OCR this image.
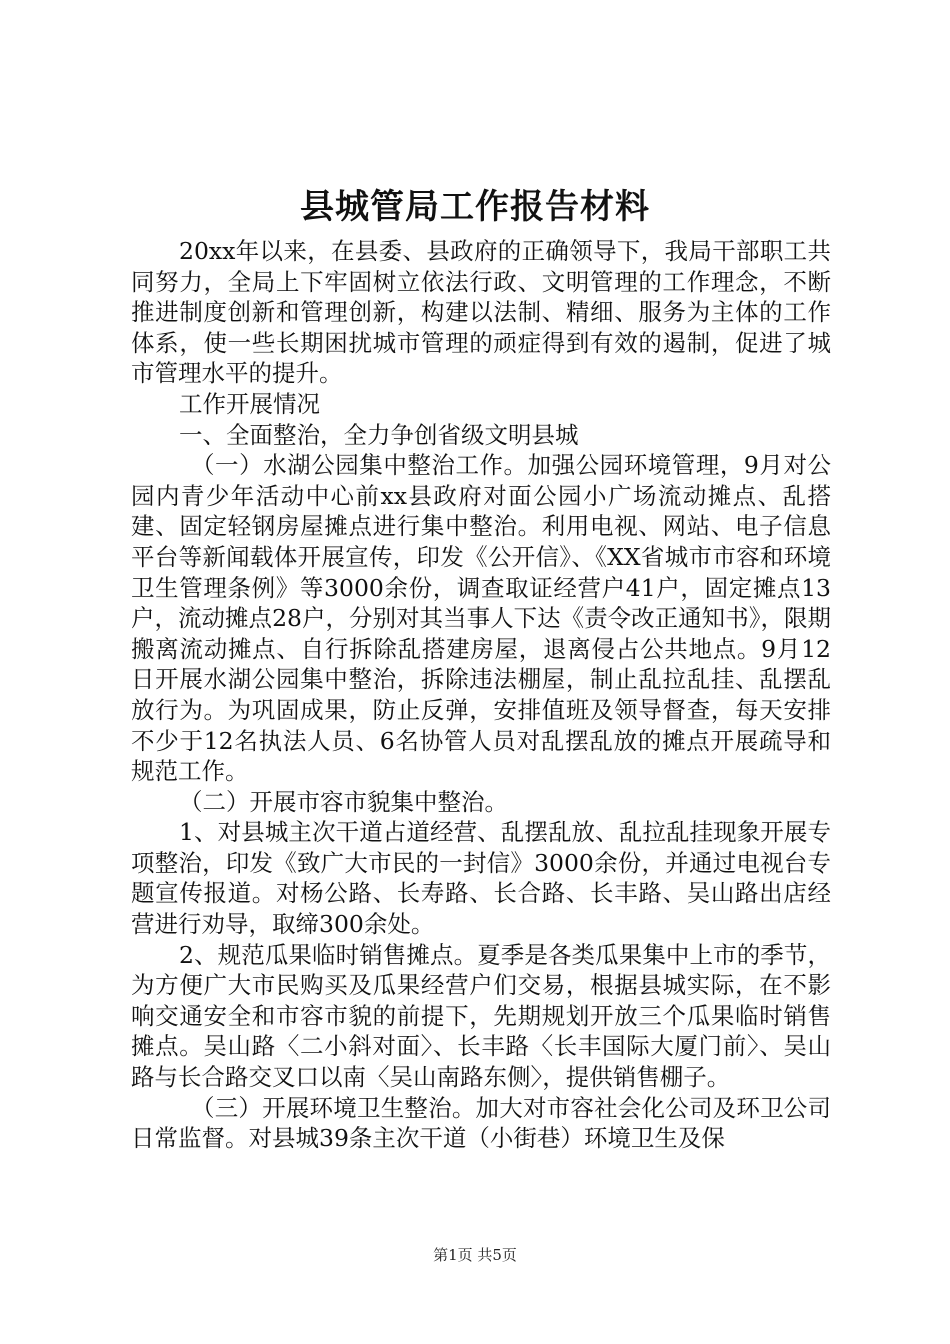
县城管局工作报告材料

20xx年以来，在县委、县政府的正确领导下，我局干部职工共同努力，全局上下牢固树立依法行政、文明管理的工作理念，不断推进制度创新和管理创新，构建以法制、精细、服务为主体的工作体系，使一些长期困扰城市管理的顽症得到有效的遏制，促进了城市管理水平的提升。

工作开展情况

一、全面整治，全力争创省级文明县城

（一）水湖公园集中整治工作。加强公园环境管理，9月对公园内青少年活动中心前xx县政府对面公园小广场流动摊点、乱搭建、固定轻钢房屋摊点进行集中整治。利用电视、网站、电子信息平台等新闻载体开展宣传，印发《公开信》、《XX省城市市容和环境卫生管理条例》等3000余份，调查取证经营户41户，固定摊点13户，流动摊点28户，分别对其当事人下达《责令改正通知书》，限期搬离流动摊点、自行拆除乱搭建房屋，退离侵占公共地点。9月12日开展水湖公园集中整治，拆除违法棚屋，制止乱拉乱挂、乱摆乱放行为。为巩固成果，防止反弹，安排值班及领导督查，每天安排不少于12名执法人员、6名协管人员对乱摆乱放的摊点开展疏导和规范工作。

（二）开展市容市貌集中整治。

1、对县城主次干道占道经营、乱摆乱放、乱拉乱挂现象开展专项整治，印发《致广大市民的一封信》3000余份，并通过电视台专题宣传报道。对杨公路、长寿路、长合路、长丰路、吴山路出店经营进行劝导，取缔300余处。

2、规范瓜果临时销售摊点。夏季是各类瓜果集中上市的季节，为方便广大市民购买及瓜果经营户们交易，根据县城实际，在不影响交通安全和市容市貌的前提下，先期规划开放三个瓜果临时销售摊点。吴山路〈二小斜对面〉、长丰路〈长丰国际大厦门前〉、吴山路与长合路交叉口以南〈吴山南路东侧〉，提供销售棚子。

（三）开展环境卫生整治。加大对市容社会化公司及环卫公司日常监督。对县城39条主次干道（小街巷）环境卫生及保

第1页 共5页
